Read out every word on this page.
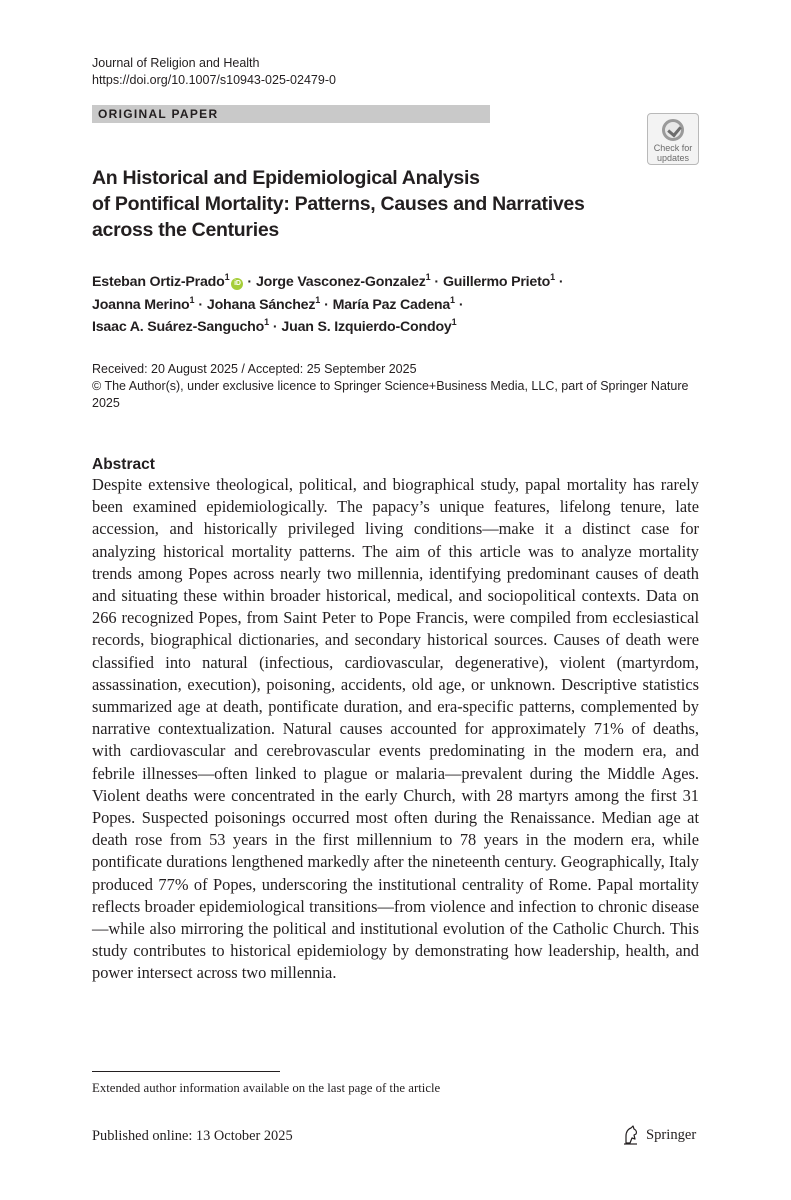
Journal of Religion and Health
https://doi.org/10.1007/s10943-025-02479-0
ORIGINAL PAPER
Check for
updates
An Historical and Epidemiological Analysis
of Pontifical Mortality: Patterns, Causes and Narratives
across the Centuries
Esteban Ortiz-Prado$^1$iD · Jorge Vasconez-Gonzalez$^1$ · Guillermo Prieto$^1$ ·
Joanna Merino$^1$ · Johana Sánchez$^1$ · María Paz Cadena$^1$ ·
Isaac A. Suárez-Sangucho$^1$ · Juan S. Izquierdo-Condoy$^1$
Received: 20 August 2025 / Accepted: 25 September 2025
© The Author(s), under exclusive licence to Springer Science+Business Media, LLC, part of Springer Nature
2025
Abstract

Despite extensive theological, political, and biographical study, papal mortality has rarely been examined epidemiologically. The papacy’s unique features, lifelong tenure, late accession, and historically privileged living conditions—make it a distinct case for analyzing historical mortality patterns. The aim of this article was to analyze mortality trends among Popes across nearly two millennia, identifying predominant causes of death and situating these within broader historical, medical, and sociopolitical contexts. Data on 266 recognized Popes, from Saint Peter to Pope Francis, were compiled from ecclesiastical records, biographical dictionaries, and secondary historical sources. Causes of death were classified into natural (infectious, cardiovascular, degenerative), violent (martyrdom, assassination, execution), poisoning, accidents, old age, or unknown. Descriptive statistics summarized age at death, pontificate duration, and era-specific patterns, complemented by narrative contextualization. Natural causes accounted for approximately 71% of deaths, with cardiovascular and cerebrovascular events predominating in the modern era, and febrile illnesses—often linked to plague or malaria—prevalent during the Middle Ages. Violent deaths were concentrated in the early Church, with 28 martyrs among the first 31 Popes. Suspected poisonings occurred most often during the Renaissance. Median age at death rose from 53 years in the first millennium to 78 years in the modern era, while pontificate durations lengthened markedly after the nineteenth century. Geographically, Italy produced 77% of Popes, underscoring the institutional centrality of Rome. Papal mortality reflects broader epidemiological transitions—from violence and infection to chronic disease—while also mirroring the political and institutional evolution of the Catholic Church. This study contributes to historical epidemiology by demonstrating how leadership, health, and power intersect across two millennia.

Extended author information available on the last page of the article
Published online: 13 October 2025	Springer
